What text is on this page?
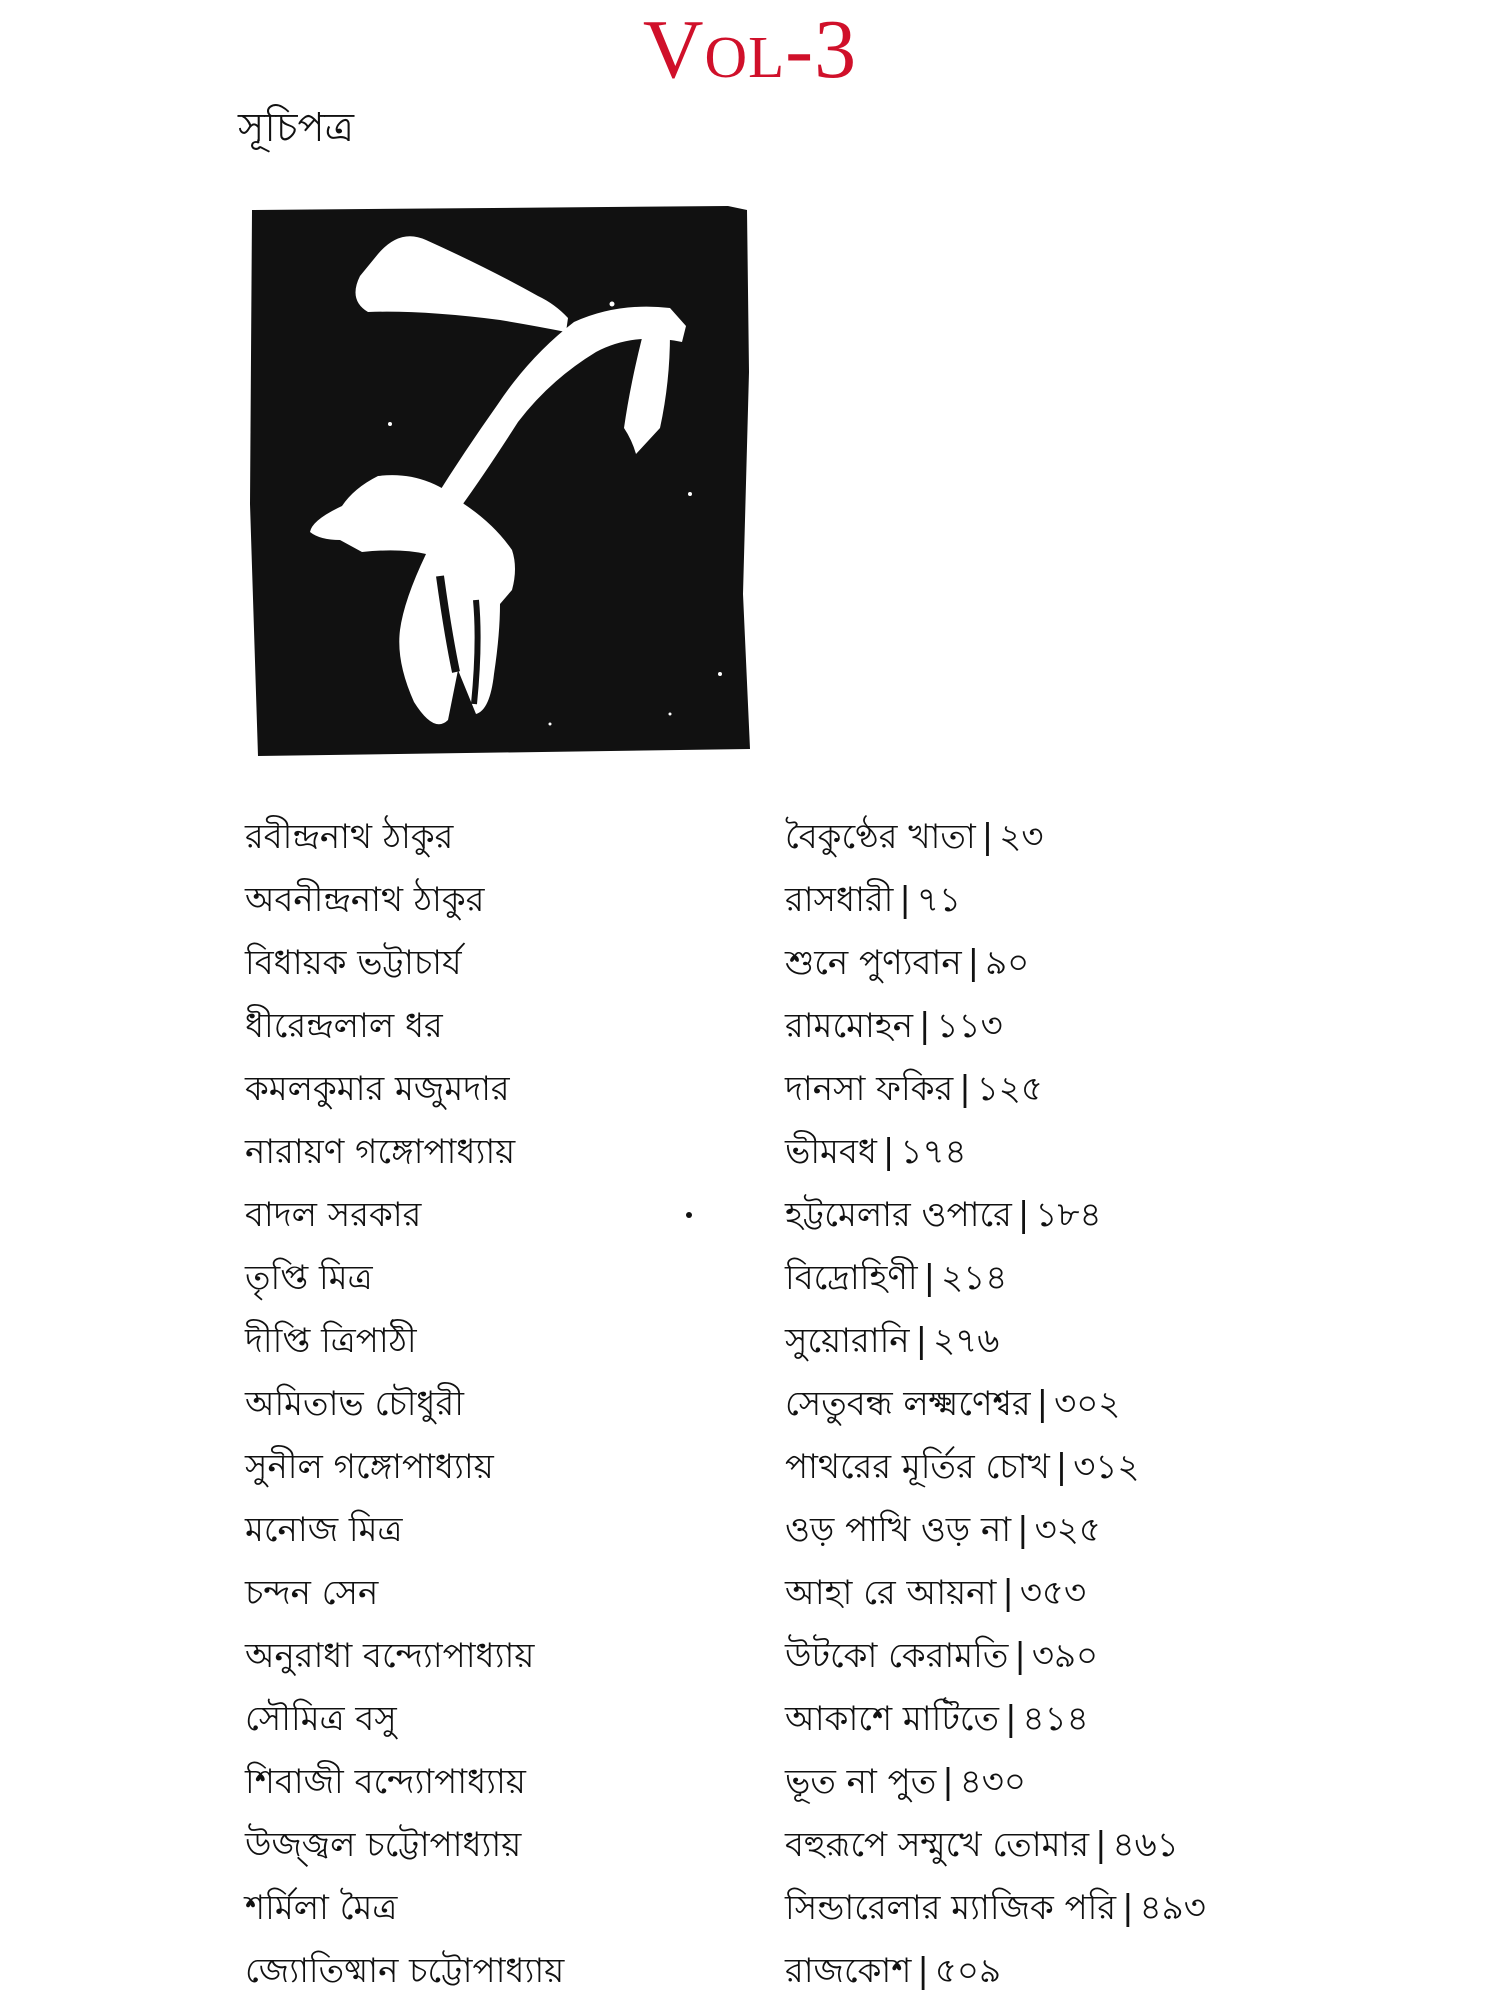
Vol-3
সূচিপত্র
রবীন্দ্রনাথ ঠাকুর	বৈকুণ্ঠের খাতা | ২৩
অবনীন্দ্রনাথ ঠাকুর	রাসধারী | ৭১
বিধায়ক ভট্টাচার্য	শুনে পুণ্যবান | ৯০
ধীরেন্দ্রলাল ধর	রামমোহন | ১১৩
কমলকুমার মজুমদার	দানসা ফকির | ১২৫
নারায়ণ গঙ্গোপাধ্যায়	ভীমবধ | ১৭৪
বাদল সরকার	হট্টমেলার ওপারে | ১৮৪
তৃপ্তি মিত্র	বিদ্রোহিণী | ২১৪
দীপ্তি ত্রিপাঠী	সুয়োরানি | ২৭৬
অমিতাভ চৌধুরী	সেতুবন্ধ লক্ষ্মণেশ্বর | ৩০২
সুনীল গঙ্গোপাধ্যায়	পাথরের মূর্তির চোখ | ৩১২
মনোজ মিত্র	ওড় পাখি ওড় না | ৩২৫
চন্দন সেন	আহা রে আয়না | ৩৫৩
অনুরাধা বন্দ্যোপাধ্যায়	উটকো কেরামতি | ৩৯০
সৌমিত্র বসু	আকাশে মাটিতে | ৪১৪
শিবাজী বন্দ্যোপাধ্যায়	ভূত না পুত | ৪৩০
উজ্জ্বল চট্টোপাধ্যায়	বহুরূপে সম্মুখে তোমার | ৪৬১
শর্মিলা মৈত্র	সিন্ডারেলার ম্যাজিক পরি | ৪৯৩
জ্যোতিষ্মান চট্টোপাধ্যায়	রাজকোশ | ৫০৯
